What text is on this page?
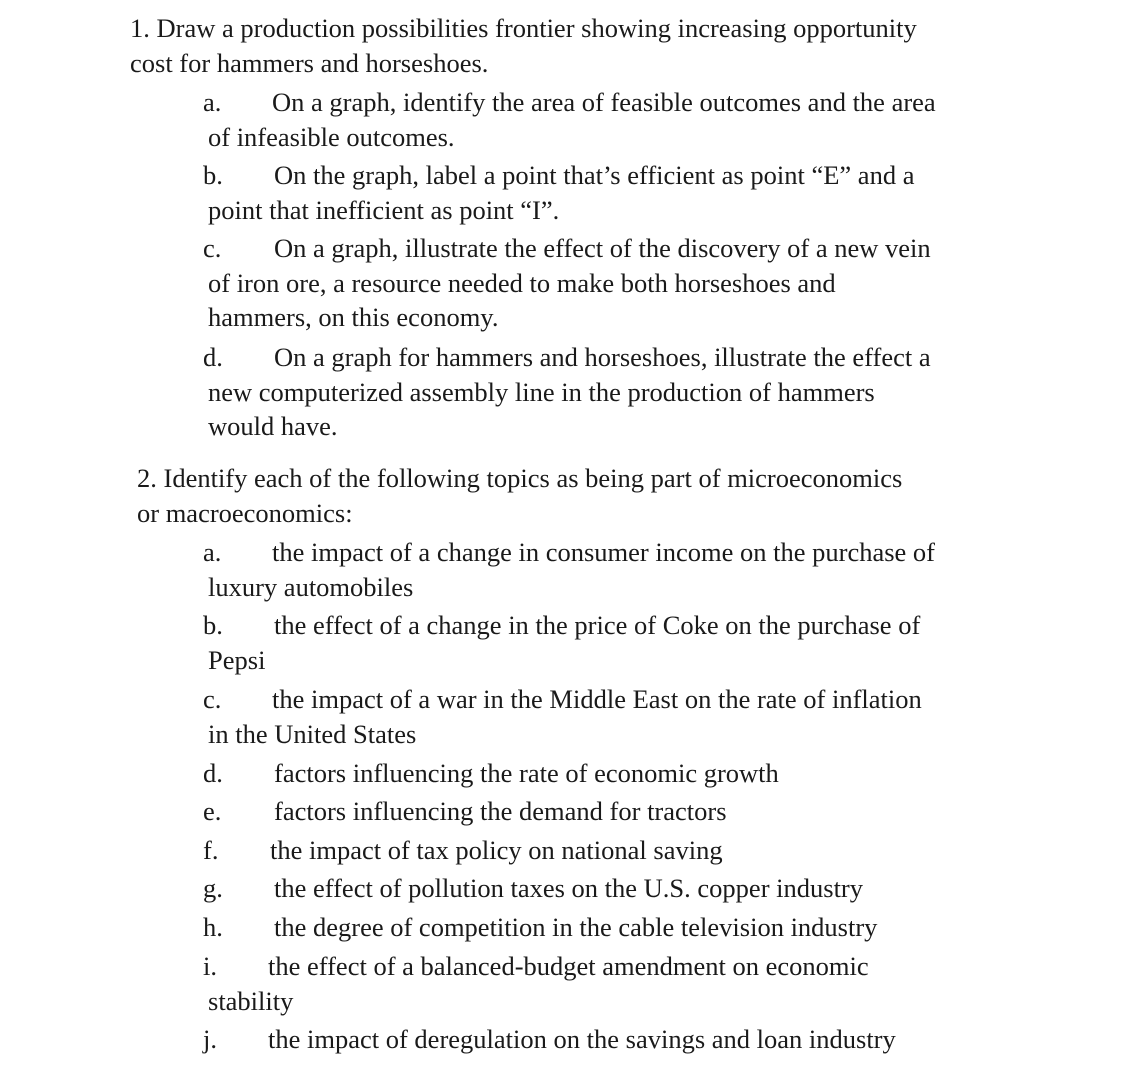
1. Draw a production possibilities frontier showing increasing opportunity
cost for hammers and horseshoes.
a. On a graph, identify the area of feasible outcomes and the area
of infeasible outcomes.
b. On the graph, label a point that’s efficient as point “E” and a
point that inefficient as point “I”.
c. On a graph, illustrate the effect of the discovery of a new vein
of iron ore, a resource needed to make both horseshoes and
hammers, on this economy.
d. On a graph for hammers and horseshoes, illustrate the effect a
new computerized assembly line in the production of hammers
would have.
2. Identify each of the following topics as being part of microeconomics
or macroeconomics:
a. the impact of a change in consumer income on the purchase of
luxury automobiles
b. the effect of a change in the price of Coke on the purchase of
Pepsi
c. the impact of a war in the Middle East on the rate of inflation
in the United States
d. factors influencing the rate of economic growth
e. factors influencing the demand for tractors
f. the impact of tax policy on national saving
g. the effect of pollution taxes on the U.S. copper industry
h. the degree of competition in the cable television industry
i. the effect of a balanced-budget amendment on economic
stability
j. the impact of deregulation on the savings and loan industry
